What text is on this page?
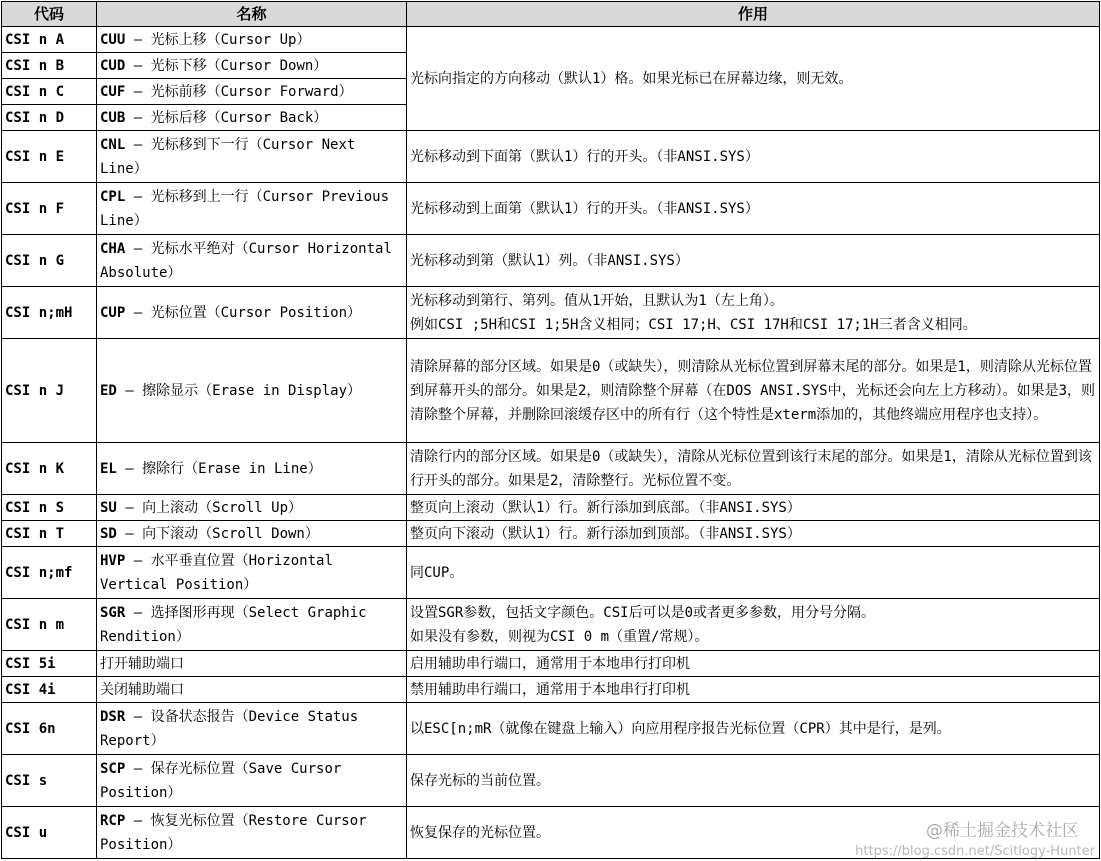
代码	名称	作用
CSI n A	CUU – 光标上移（Cursor Up）	光标向指定的方向移动（默认1）格。如果光标已在屏幕边缘，则无效。

CSI n B	CUD – 光标下移（Cursor Down）	
CSI n C	CUF – 光标前移（Cursor Forward）	
CSI n D	CUB – 光标后移（Cursor Back）	
CSI n E	CNL – 光标移到下一行（Cursor Next Line）	光标移动到下面第（默认1）行的开头。（非ANSI.SYS）

CSI n F	CPL – 光标移到上一行（Cursor Previous Line）	光标移动到上面第（默认1）行的开头。（非ANSI.SYS）

CSI n G	CHA – 光标水平绝对（Cursor Horizontal Absolute）	光标移动到第（默认1）列。（非ANSI.SYS）

CSI n;mH	CUP – 光标位置（Cursor Position）	光标移动到第行、第列。值从1开始，且默认为1（左上角）。
例如CSI ;5H和CSI 1;5H含义相同；CSI 17;H、CSI 17H和CSI 17;1H三者含义相同。

CSI n J	ED – 擦除显示（Erase in Display）	清除屏幕的部分区域。如果是0（或缺失），则清除从光标位置到屏幕末尾的部分。如果是1，则清除从光标位置到屏幕开头的部分。如果是2，则清除整个屏幕（在DOS ANSI.SYS中，光标还会向左上方移动）。如果是3，则清除整个屏幕，并删除回滚缓存区中的所有行（这个特性是xterm添加的，其他终端应用程序也支持）。

CSI n K	EL – 擦除行（Erase in Line）	清除行内的部分区域。如果是0（或缺失），清除从光标位置到该行末尾的部分。如果是1，清除从光标位置到该行开头的部分。如果是2，清除整行。光标位置不变。

CSI n S	SU – 向上滚动（Scroll Up）	整页向上滚动（默认1）行。新行添加到底部。（非ANSI.SYS）

CSI n T	SD – 向下滚动（Scroll Down）	整页向下滚动（默认1）行。新行添加到顶部。（非ANSI.SYS）

CSI n;mf	HVP – 水平垂直位置（Horizontal Vertical Position）	同CUP。

CSI n m	SGR – 选择图形再现（Select Graphic Rendition）	设置SGR参数，包括文字颜色。CSI后可以是0或者更多参数，用分号分隔。
如果没有参数，则视为CSI 0 m（重置/常规）。

CSI 5i	打开辅助端口	启用辅助串行端口，通常用于本地串行打印机

CSI 4i	关闭辅助端口	禁用辅助串行端口，通常用于本地串行打印机

CSI 6n	DSR – 设备状态报告（Device Status Report）	以ESC[n;mR（就像在键盘上输入）向应用程序报告光标位置（CPR）其中是行，是列。

CSI s	SCP – 保存光标位置（Save Cursor Position）	保存光标的当前位置。

CSI u	RCP – 恢复光标位置（Restore Cursor Position）	恢复保存的光标位置。	@稀土掘金技术社区
https://blog.csdn.net/Scitlogy-Hunter
